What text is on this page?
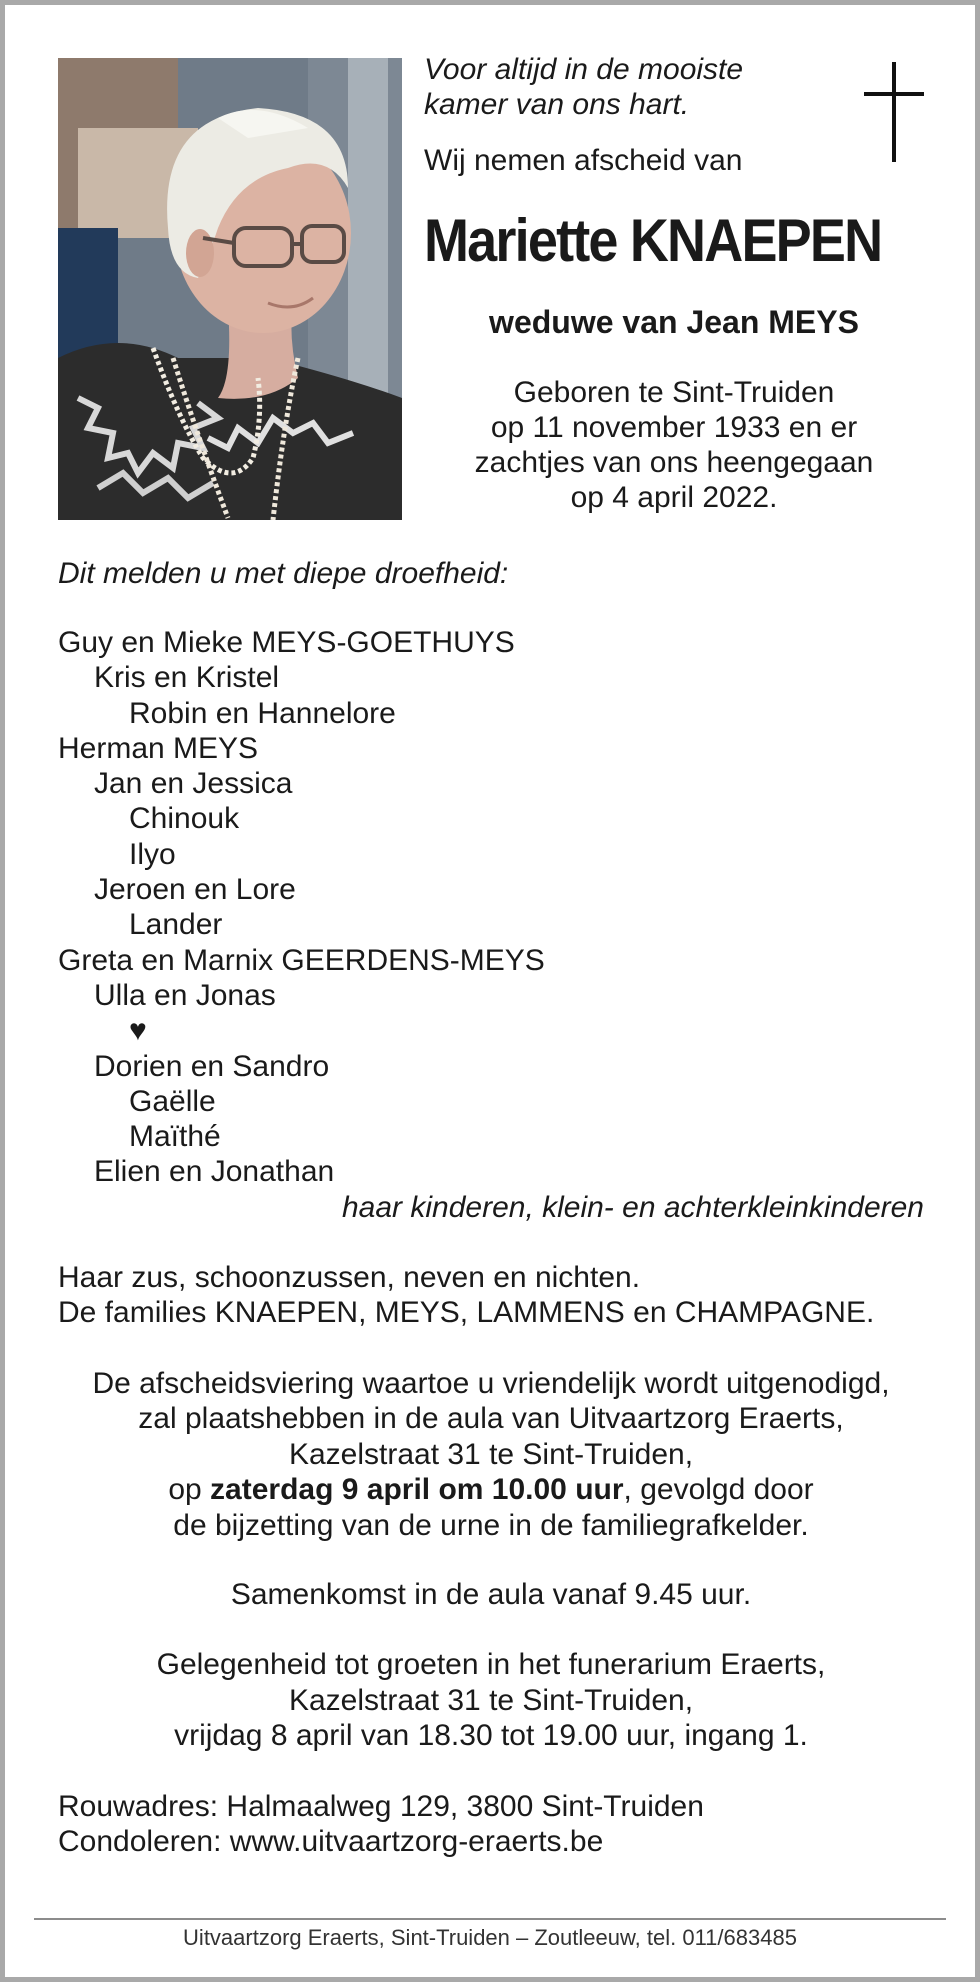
Voor altijd in de mooiste
kamer van ons hart.
Wij nemen afscheid van
Mariette KNAEPEN
weduwe van Jean MEYS
Geboren te Sint-Truiden
op 11 november 1933 en er
zachtjes van ons heengegaan
op 4 april 2022.
Dit melden u met diepe droefheid:
Guy en Mieke MEYS-GOETHUYS
Kris en Kristel
Robin en Hannelore
Herman MEYS
Jan en Jessica
Chinouk
Ilyo
Jeroen en Lore
Lander
Greta en Marnix GEERDENS-MEYS
Ulla en Jonas
♥
Dorien en Sandro
Gaëlle
Maïthé
Elien en Jonathan
haar kinderen, klein- en achterkleinkinderen
Haar zus, schoonzussen, neven en nichten.
De families KNAEPEN, MEYS, LAMMENS en CHAMPAGNE.
De afscheidsviering waartoe u vriendelijk wordt uitgenodigd,
zal plaatshebben in de aula van Uitvaartzorg Eraerts,
Kazelstraat 31 te Sint-Truiden,
op zaterdag 9 april om 10.00 uur, gevolgd door
de bijzetting van de urne in de familiegrafkelder.
Samenkomst in de aula vanaf 9.45 uur.
Gelegenheid tot groeten in het funerarium Eraerts,
Kazelstraat 31 te Sint-Truiden,
vrijdag 8 april van 18.30 tot 19.00 uur, ingang 1.
Rouwadres: Halmaalweg 129, 3800 Sint-Truiden
Condoleren: www.uitvaartzorg-eraerts.be
Uitvaartzorg Eraerts, Sint-Truiden – Zoutleeuw, tel. 011/683485
